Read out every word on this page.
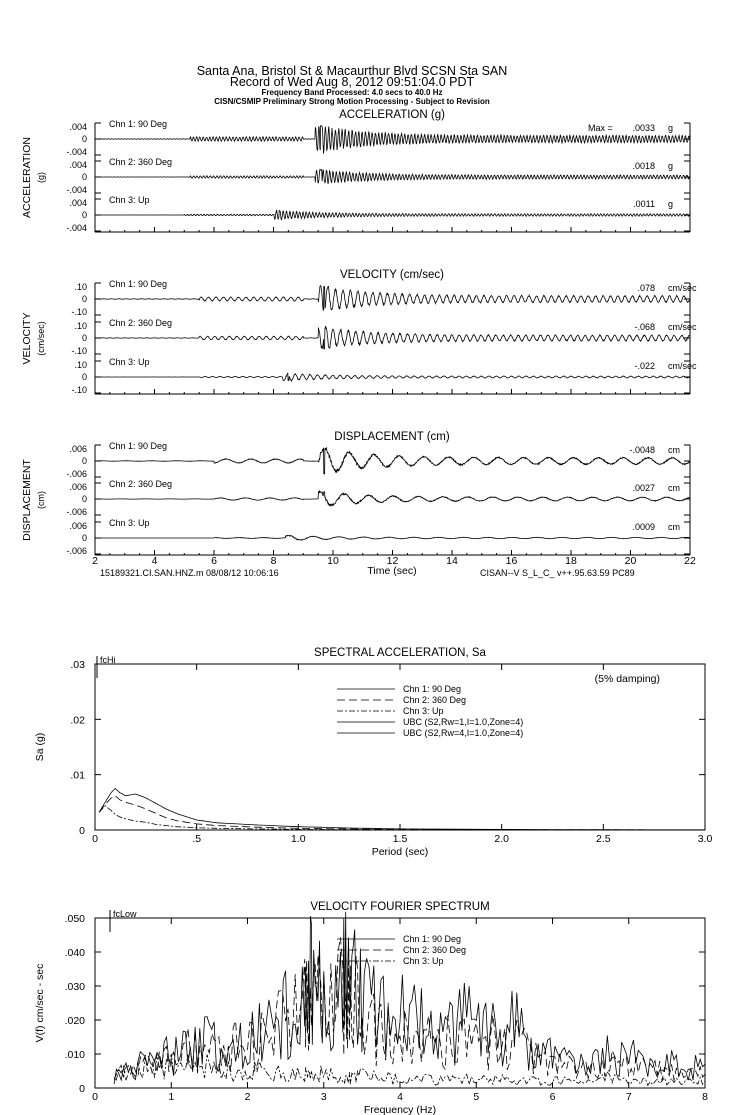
Santa Ana, Bristol St & Macaurthur Blvd SCSN Sta SAN
Record of Wed Aug 8, 2012 09:51:04.0 PDT
Frequency Band Processed: 4.0 secs to 40.0 Hz
CISN/CSMIP Preliminary Strong Motion Processing - Subject to Revision
15189321.CI.SAN.HNZ.m 08/08/12 10:06:16	Time (sec)	CISAN--V S_L_C_ v++.95.63.59 PC89
ACCELERATION (g)
ACCELERATION (g)
.004
0
-.004
Chn 1: 90 Deg	Max = .0033 g
.004
0
-.004
Chn 2: 360 Deg	.0018 g
.004
0
-.004
Chn 3: Up	.0011 g
VELOCITY (cm/sec)
VELOCITY (cm/sec)
.10
0
-.10
Chn 1: 90 Deg	.078 cm/sec
.10
0
-.10
Chn 2: 360 Deg	-.068 cm/sec
.10
0
-.10
Chn 3: Up	-.022 cm/sec
DISPLACEMENT (cm)
DISPLACEMENT (cm)
.006
0
-.006
Chn 1: 90 Deg	-.0048 cm
.006
0
-.006
Chn 2: 360 Deg	.0027 cm
.006
0
-.006
Chn 3: Up	.0009 cm
2	4	6	8	10	12	14	16	18	20	22
SPECTRAL ACCELERATION, Sa
0	.5	1.0	1.5	2.0	2.5	3.0
0
.01
.02
.03
Period (sec)
Sa (g)
fcHi
(5% damping)
Chn 1: 90 Deg
Chn 2: 360 Deg
Chn 3: Up
UBC (S2,Rw=1,I=1.0,Zone=4)
UBC (S2,Rw=4,I=1.0,Zone=4)
VELOCITY FOURIER SPECTRUM
0	1	2	3	4	5	6	7	8
0
.010
.020
.030
.040
.050
Frequency (Hz)
V(f) cm/sec - sec
fcLow
Chn 1: 90 Deg
Chn 2: 360 Deg
Chn 3: Up
